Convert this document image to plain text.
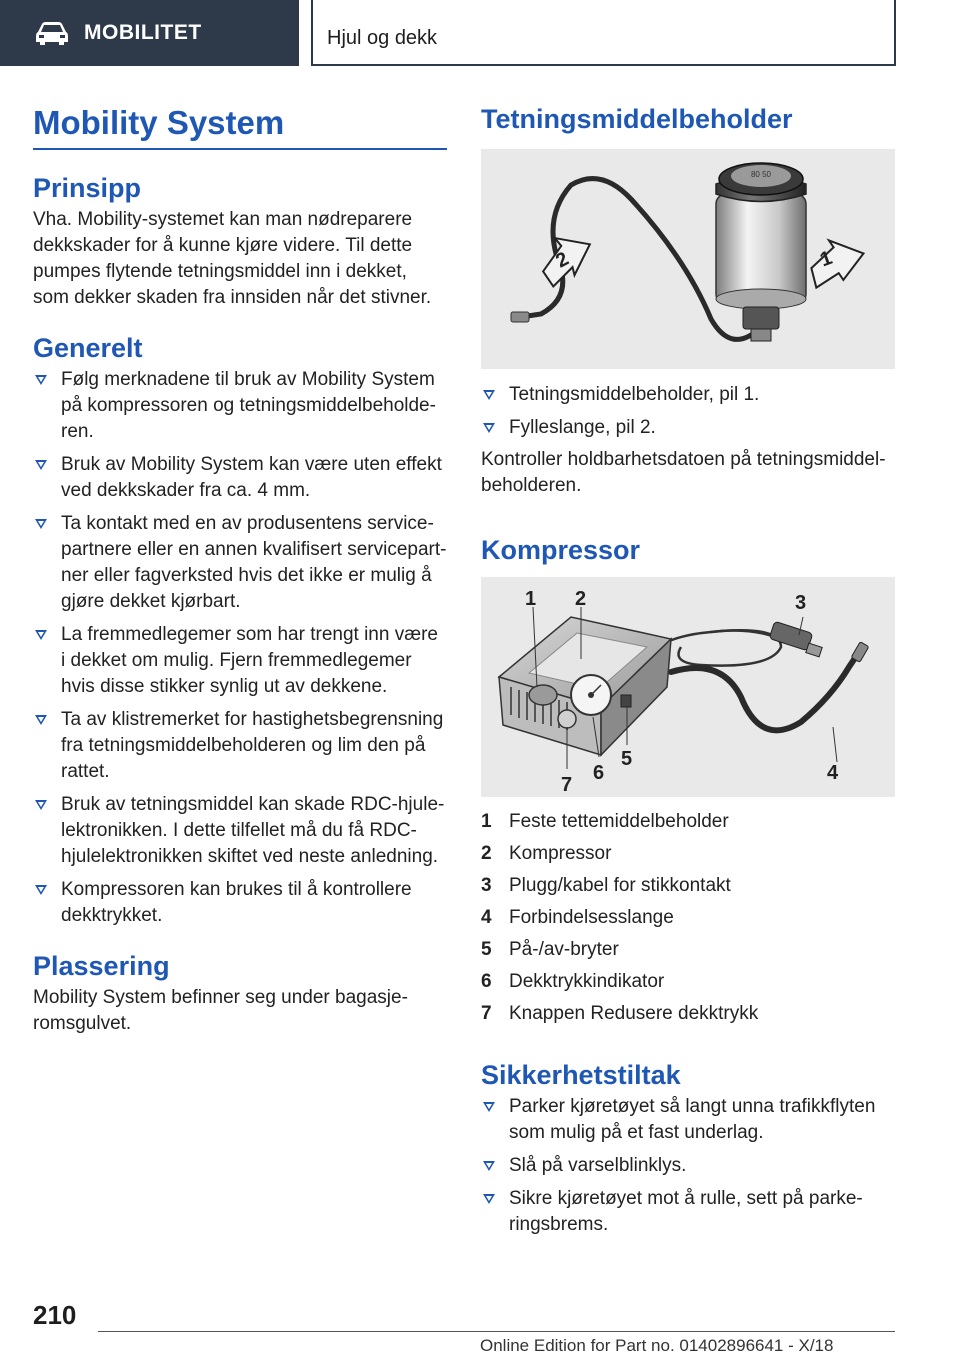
MOBILITET	Hjul og dekk
Mobility System
Prinsipp

Vha. Mobility-systemet kan man nødreparere dekkskader for å kunne kjøre videre. Til dette pumpes flytende tetningsmiddel inn i dekket, som dekker skaden fra innsiden når det stivner.

Generelt
Følg merknadene til bruk av Mobility System på kompressoren og tetningsmiddelbeholderen.
Bruk av Mobility System kan være uten effekt ved dekkskader fra ca. 4 mm.
Ta kontakt med en av produsentens servicepartnere eller en annen kvalifisert servicepartner eller fagverksted hvis det ikke er mulig å gjøre dekket kjørbart.
La fremmedlegemer som har trengt inn være i dekket om mulig. Fjern fremmedlegemer hvis disse stikker synlig ut av dekkene.
Ta av klistremerket for hastighetsbegrensning fra tetningsmiddelbeholderen og lim den på rattet.
Bruk av tetningsmiddel kan skade RDC-hjulelektronikken. I dette tilfellet må du få RDC-hjulelektronikken skiftet ved neste anledning.
Kompressoren kan brukes til å kontrollere dekktrykket.
Plassering

Mobility System befinner seg under bagasjeromsgulvet.

Tetningsmiddelbeholder
80 50
1
2
Tetningsmiddelbeholder, pil 1.
Fylleslange, pil 2.

Kontroller holdbarhetsdatoen på tetningsmiddelbeholderen.

Kompressor
1 2	3
4
5
6
7
1 Feste tettemiddelbeholder
2 Kompressor
3 Plugg/kabel for stikkontakt
4 Forbindelsesslange
5 På-/av-bryter
6 Dekktrykkindikator
7 Knappen Redusere dekktrykk
Sikkerhetstiltak
Parker kjøretøyet så langt unna trafikkflyten som mulig på et fast underlag.
Slå på varselblinklys.
Sikre kjøretøyet mot å rulle, sett på parkeringsbrems.
210
Online Edition for Part no. 01402896641 - X/18
